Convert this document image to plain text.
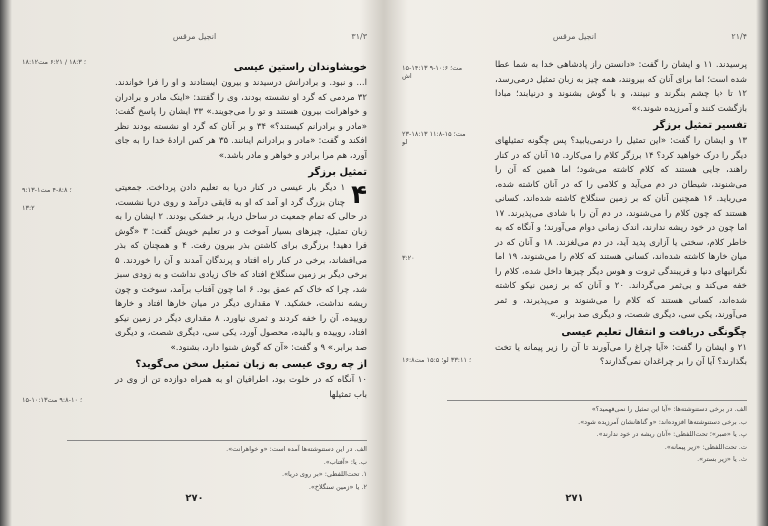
انجیل مرقس	۳۱/۳
۱۸:۱۲؛ ۱۸:۳ / ۶:۲۱ مت‌
۹:۱۳-۱؛ ۸:۸-۴ مت‌
۱۳:۲
۱۵-۱۰:۱۳؛ ۱۰-۹:۸ مت‌
خویشاوندان راستین عیسی

ا... و نبود. و برادرانش درسیدند و بیرون ایستادند و او را فرا خواندند. ۳۲ مردمی که گرد او نشسته بودند، وی را گفتند: «اینک مادر و برادران و خواهرانت بیرون هستند و تو را می‌جویند.» ۳۳ ایشان را پاسخ گفت: «مادر و برادرانم کیستند؟» ۳۴ و بر آنان که گرد او نشسته بودند نظر افکند و گفت: «مادر و برادرانم اینانند. ۳۵ هر کس ارادهٔ خدا را به جای آورد، هم مرا برادر و خواهر و مادر باشد.»

تمثیل برزگر
۴

۱ دیگر بار عیسی در کنار دریا به تعلیم دادن پرداخت. جمعیتی چنان بزرگ گرد او آمد که او به قایقی درآمد و روی دریا نشست، در حالی که تمام جمعیت در ساحل دریا، بر خشکی بودند. ۲ ایشان را به زبان تمثیل، چیزهای بسیار آموخت و در تعلیم خویش گفت: ۳ «گوش فرا دهید! برزگری برای کاشتن بذر بیرون رفت. ۴ و همچنان که بذر می‌افشاند، برخی در کنار راه افتاد و پرندگان آمدند و آن را خوردند. ۵ برخی دیگر بر زمین سنگلاخ افتاد که خاک زیادی نداشت و به زودی سبز شد، چرا که خاک کم عمق بود. ۶ اما چون آفتاب برآمد، سوخت و چون ریشه نداشت، خشکید. ۷ مقداری دیگر در میان خارها افتاد و خارها روییده، آن را خفه کردند و ثمری نیاورد. ۸ مقداری دیگر در زمین نیکو افتاد، روییده و بالیده، محصول آورد، یکی سی، دیگری شصت، و دیگری صد برابر.» ۹ و گفت: «آن که گوش شنوا دارد، بشنود.»

از چه روی عیسی به زبان تمثیل سخن می‌گوید؟

۱۰ آنگاه که در خلوت بود، اطرافیان او به همراه دوازده تن از وی در باب تمثیلها

الف. در این دستنوشته‌ها آمده است: «و خواهرانت».
ب. یا: «آفتاب».
۱. تحت‌اللفظی: «بر روی دریا».
۲. یا «زمین سنگلاخ».
۲۷۰
انجیل مرقس	۲۱/۴
۱۵-۱۴:۱۳ مت‌؛ ۱۰:۶-۹ اش
۲۳-۱۸:۱۳ مت‌؛ ۱۵-۱۱:۸ لو
۳:۲۰
۱۶:۸؛ ۳۳:۱۱ لو؛ ۱۵:۵ مت‌

پرسیدند. ۱۱ و ایشان را گفت: «دانستن راز پادشاهی خدا به شما عطا شده است؛ اما برای آنان که بیرونند، همه چیز به زبان تمثیل درمی‌رسد، ۱۲ تا ‹با چشم بنگرند و نبینند، و با گوش بشنوند و درنیابند؛ مبادا بازگشت کنند و آمرزیده شوند.›»

تفسیر تمثیل برزگر

۱۳ و ایشان را گفت: «این تمثیل را درنمی‌یابید؟ پس چگونه تمثیلهای دیگر را درک خواهید کرد؟ ۱۴ برزگر کلام را می‌کارد. ۱۵ آنان که در کنار راهند، جایی هستند که کلام کاشته می‌شود؛ اما همین که آن را می‌شنوند، شیطان در دم می‌آید و کلامی را که در آنان کاشته شده، می‌رباید. ۱۶ همچنین آنان که بر زمین سنگلاخ کاشته شده‌اند، کسانی هستند که چون کلام را می‌شنوند، در دم آن را با شادی می‌پذیرند. ۱۷ اما چون در خود ریشه ندارند، اندک زمانی دوام می‌آورند؛ و آنگاه که به خاطر کلام، سختی یا آزاری پدید آید، در دم می‌لغزند. ۱۸ و آنان که در میان خارها کاشته شده‌اند، کسانی هستند که کلام را می‌شنوند، ۱۹ اما نگرانیهای دنیا و فریبندگی ثروت و هوس دیگر چیزها داخل شده، کلام را خفه می‌کند و بی‌ثمر می‌گرداند. ۲۰ و آنان که بر زمین نیکو کاشته شده‌اند، کسانی هستند که کلام را می‌شنوند و می‌پذیرند، و ثمر می‌آورند، یکی سی، دیگری شصت، و دیگری صد برابر.»

چگونگی دریافت و انتقال تعلیم عیسی

۲۱ و ایشان را گفت: «آیا چراغ را می‌آورند تا آن را زیر پیمانه یا تخت بگذارند؟ آیا آن را بر چراغدان نمی‌گذارند؟

الف. در برخی دستنوشته‌ها: «آیا این تمثیل را نمی‌فهمید؟»
ب. برخی دستنوشته‌ها افزوده‌اند: «و گناهانشان آمرزیده شود».
پ. یا «صبر»؛ تحت‌اللفظی: «آنان ریشه در خود ندارند».
ت. تحت‌اللفظی: «زیر پیمانه».
ث. یا «زیر بستر».
۲۷۱
